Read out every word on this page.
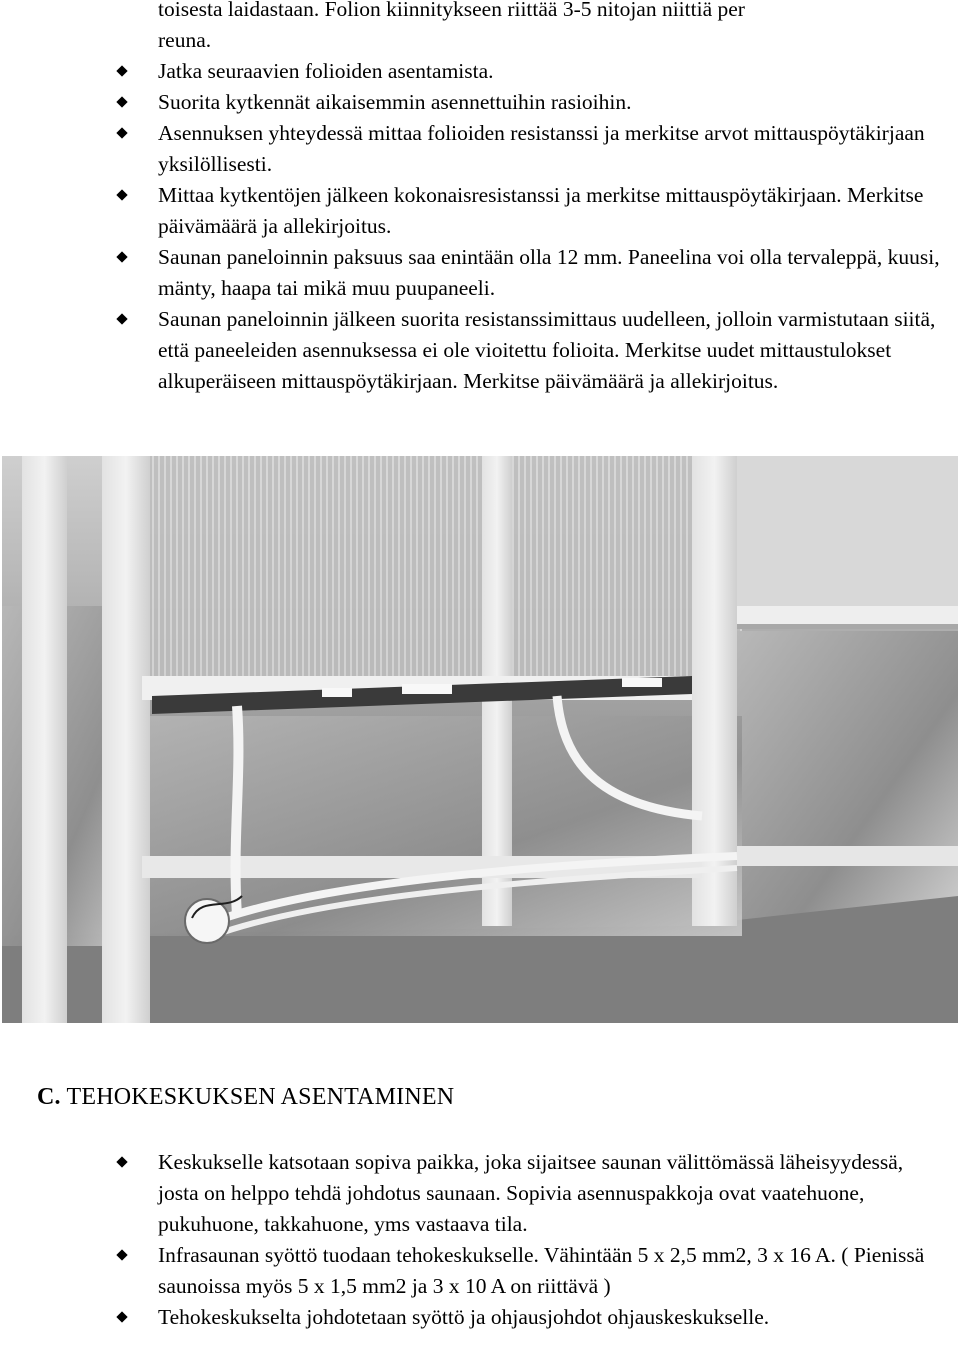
toisesta laidastaan. Folion kiinnitykseen riittää 3-5 nitojan niittiä per
reuna.
Jatka seuraavien folioiden asentamista.
Suorita kytkennät aikaisemmin asennettuihin rasioihin.
Asennuksen yhteydessä mittaa folioiden resistanssi ja merkitse arvot mittauspöytäkirjaan yksilöllisesti.
Mittaa kytkentöjen jälkeen kokonaisresistanssi ja merkitse mittauspöytäkirjaan. Merkitse päivämäärä ja allekirjoitus.
Saunan paneloinnin paksuus saa enintään olla 12 mm. Paneelina voi olla tervaleppä, kuusi, mänty, haapa tai mikä muu puupaneeli.
Saunan paneloinnin jälkeen suorita resistanssimittaus uudelleen, jolloin varmistutaan siitä, että paneeleiden asennuksessa ei ole vioitettu folioita. Merkitse uudet mittaustulokset alkuperäiseen mittauspöytäkirjaan. Merkitse päivämäärä ja allekirjoitus.
C. TEHOKESKUKSEN ASENTAMINEN
Keskukselle katsotaan sopiva paikka, joka sijaitsee saunan välittömässä läheisyydessä, josta on helppo tehdä johdotus saunaan. Sopivia asennuspakkoja ovat vaatehuone, pukuhuone, takkahuone, yms vastaava tila.
Infrasaunan syöttö tuodaan tehokeskukselle. Vähintään 5 x 2,5 mm2, 3 x 16 A. ( Pienissä saunoissa myös 5 x 1,5 mm2 ja 3 x 10 A on riittävä )
Tehokeskukselta johdotetaan syöttö ja ohjausjohdot ohjauskeskukselle.
